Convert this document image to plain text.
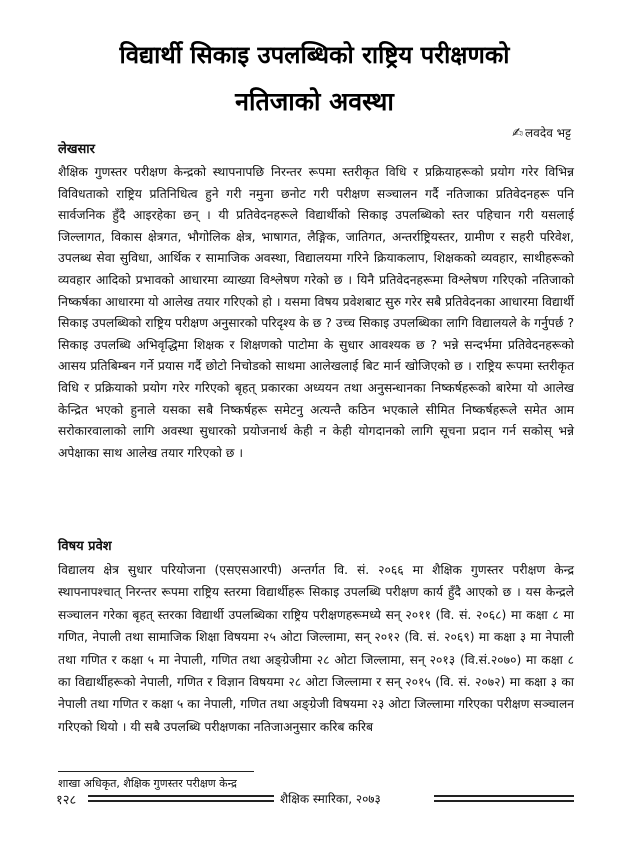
विद्यार्थी सिकाइ उपलब्धिको राष्ट्रिय परीक्षणको
नतिजाको अवस्था
✍ लवदेव भट्ट
लेखसार

शैक्षिक गुणस्तर परीक्षण केन्द्रको स्थापनापछि निरन्तर रूपमा स्तरीकृत विधि र प्रक्रियाहरूको प्रयोग गरेर विभिन्न विविधताको राष्ट्रिय प्रतिनिधित्व हुने गरी नमुना छनोट गरी परीक्षण सञ्चालन गर्दै नतिजाका प्रतिवेदनहरू पनि सार्वजनिक हुँदै आइरहेका छन् । यी प्रतिवेदनहरूले विद्यार्थीको सिकाइ उपलब्धिको स्तर पहिचान गरी यसलाई जिल्लागत, विकास क्षेत्रगत, भौगोलिक क्षेत्र, भाषागत, लैङ्गिक, जातिगत, अन्तर्राष्ट्रियस्तर, ग्रामीण र सहरी परिवेश, उपलब्ध सेवा सुविधा, आर्थिक र सामाजिक अवस्था, विद्यालयमा गरिने क्रियाकलाप, शिक्षकको व्यवहार, साथीहरूको व्यवहार आदिको प्रभावको आधारमा व्याख्या विश्लेषण गरेको छ । यिनै प्रतिवेदनहरूमा विश्लेषण गरिएको नतिजाको निष्कर्षका आधारमा यो आलेख तयार गरिएको हो । यसमा विषय प्रवेशबाट सुरु गरेर सबै प्रतिवेदनका आधारमा विद्यार्थी सिकाइ उपलब्धिको राष्ट्रिय परीक्षण अनुसारको परिदृश्य के छ ? उच्च सिकाइ उपलब्धिका लागि विद्यालयले के गर्नुपर्छ ? सिकाइ उपलब्धि अभिवृद्धिमा शिक्षक र शिक्षणको पाटोमा के सुधार आवश्यक छ ? भन्ने सन्दर्भमा प्रतिवेदनहरूको आसय प्रतिबिम्बन गर्ने प्रयास गर्दै छोटो निचोडको साथमा आलेखलाई बिट मार्न खोजिएको छ । राष्ट्रिय रूपमा स्तरीकृत विधि र प्रक्रियाको प्रयोग गरेर गरिएको बृहत् प्रकारका अध्ययन तथा अनुसन्धानका निष्कर्षहरूको बारेमा यो आलेख केन्द्रित भएको हुनाले यसका सबै निष्कर्षहरू समेटनु अत्यन्तै कठिन भएकाले सीमित निष्कर्षहरूले समेत आम सरोकारवालाको लागि अवस्था सुधारको प्रयोजनार्थ केही न केही योगदानको लागि सूचना प्रदान गर्न सकोस् भन्ने अपेक्षाका साथ आलेख तयार गरिएको छ ।

विषय प्रवेश

विद्यालय क्षेत्र सुधार परियोजना (एसएसआरपी) अन्तर्गत वि. सं. २०६६ मा शैक्षिक गुणस्तर परीक्षण केन्द्र स्थापनापश्चात् निरन्तर रूपमा राष्ट्रिय स्तरमा विद्यार्थीहरू सिकाइ उपलब्धि परीक्षण कार्य हुँदै आएको छ । यस केन्द्रले सञ्चालन गरेका बृहत् स्तरका विद्यार्थी उपलब्धिका राष्ट्रिय परीक्षणहरूमध्ये सन् २०११ (वि. सं. २०६८) मा कक्षा ८ मा गणित, नेपाली तथा सामाजिक शिक्षा विषयमा २५ ओटा जिल्लामा, सन् २०१२ (वि. सं. २०६९) मा कक्षा ३ मा नेपाली तथा गणित र कक्षा ५ मा नेपाली, गणित तथा अङ्ग्रेजीमा २८ ओटा जिल्लामा, सन् २०१३ (वि.सं.२०७०) मा कक्षा ८ का विद्यार्थीहरूको नेपाली, गणित र विज्ञान विषयमा २८ ओटा जिल्लामा र सन् २०१५ (वि. सं. २०७२) मा कक्षा ३ का नेपाली तथा गणित र कक्षा ५ का नेपाली, गणित तथा अङ्ग्रेजी विषयमा २३ ओटा जिल्लामा गरिएका परीक्षण सञ्चालन गरिएको थियो । यी सबै उपलब्धि परीक्षणका नतिजाअनुसार करिब करिब

शाखा अधिकृत, शैक्षिक गुणस्तर परीक्षण केन्द्र
१२८	शैक्षिक स्मारिका, २०७३
